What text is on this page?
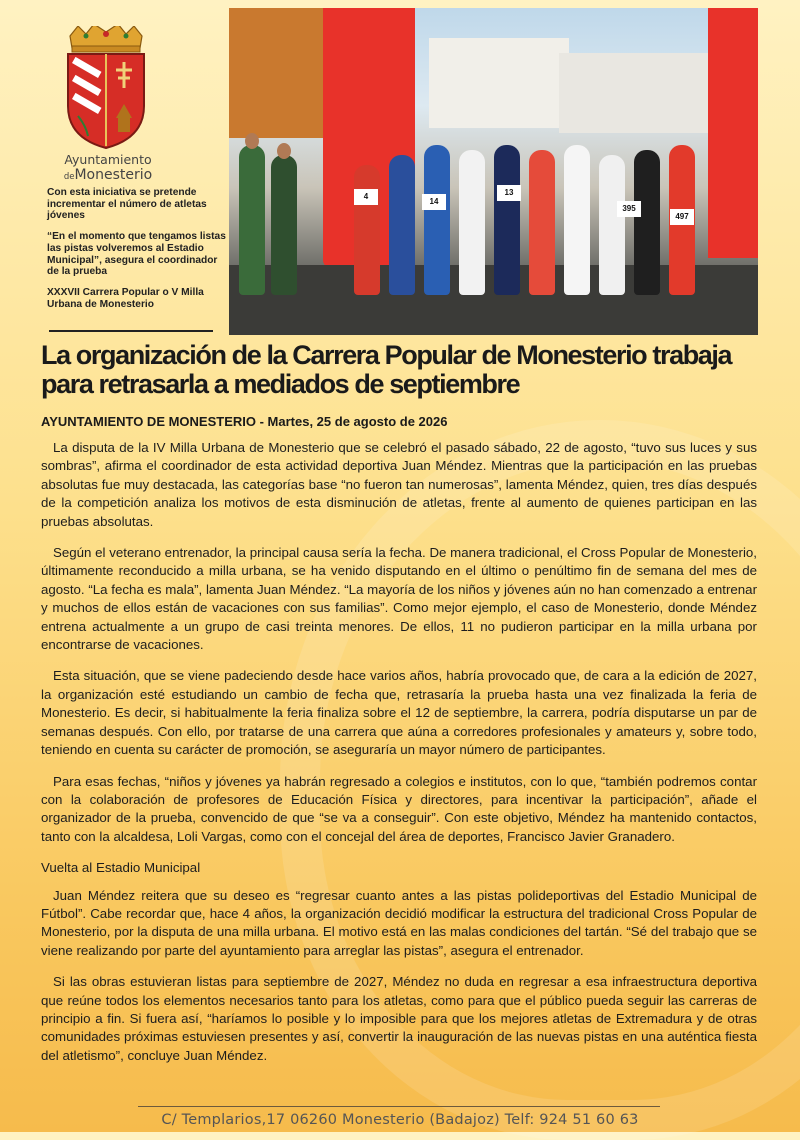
Ayuntamiento
deMonesterio

Con esta iniciativa se pretende incrementar el número de atletas jóvenes

“En el momento que tengamos listas las pistas volveremos al Estadio Municipal”, asegura el coordinador de la prueba

XXXVII Carrera Popular o V Milla Urbana de Monesterio

497
395
13
14
4
La organización de la Carrera Popular de Monesterio trabaja para retrasarla a mediados de septiembre
AYUNTAMIENTO DE MONESTERIO - Martes, 25 de agosto de 2026

La disputa de la IV Milla Urbana de Monesterio que se celebró el pasado sábado, 22 de agosto, “tuvo sus luces y sus sombras”, afirma el coordinador de esta actividad deportiva Juan Méndez. Mientras que la participación en las pruebas absolutas fue muy destacada, las categorías base “no fueron tan numerosas”, lamenta Méndez, quien, tres días después de la competición analiza los motivos de esta disminución de atletas, frente al aumento de quienes participan en las pruebas absolutas.

Según el veterano entrenador, la principal causa sería la fecha. De manera tradicional, el Cross Popular de Monesterio, últimamente reconducido a milla urbana, se ha venido disputando en el último o penúltimo fin de semana del mes de agosto. “La fecha es mala”, lamenta Juan Méndez. “La mayoría de los niños y jóvenes aún no han comenzado a entrenar y muchos de ellos están de vacaciones con sus familias”. Como mejor ejemplo, el caso de Monesterio, donde Méndez entrena actualmente a un grupo de casi treinta menores. De ellos, 11 no pudieron participar en la milla urbana por encontrarse de vacaciones.

Esta situación, que se viene padeciendo desde hace varios años, habría provocado que, de cara a la edición de 2027, la organización esté estudiando un cambio de fecha que, retrasaría la prueba hasta una vez finalizada la feria de Monesterio. Es decir, si habitualmente la feria finaliza sobre el 12 de septiembre, la carrera, podría disputarse un par de semanas después. Con ello, por tratarse de una carrera que aúna a corredores profesionales y amateurs y, sobre todo, teniendo en cuenta su carácter de promoción, se aseguraría un mayor número de participantes.

Para esas fechas, “niños y jóvenes ya habrán regresado a colegios e institutos, con lo que, “también podremos contar con la colaboración de profesores de Educación Física y directores, para incentivar la participación”, añade el organizador de la prueba, convencido de que “se va a conseguir”. Con este objetivo, Méndez ha mantenido contactos, tanto con la alcaldesa, Loli Vargas, como con el concejal del área de deportes, Francisco Javier Granadero.

Vuelta al Estadio Municipal

Juan Méndez reitera que su deseo es “regresar cuanto antes a las pistas polideportivas del Estadio Municipal de Fútbol”. Cabe recordar que, hace 4 años, la organización decidió modificar la estructura del tradicional Cross Popular de Monesterio, por la disputa de una milla urbana. El motivo está en las malas condiciones del tartán. “Sé del trabajo que se viene realizando por parte del ayuntamiento para arreglar las pistas”, asegura el entrenador.

Si las obras estuvieran listas para septiembre de 2027, Méndez no duda en regresar a esa infraestructura deportiva que reúne todos los elementos necesarios tanto para los atletas, como para que el público pueda seguir las carreras de principio a fin. Si fuera así, “haríamos lo posible y lo imposible para que los mejores atletas de Extremadura y de otras comunidades próximas estuviesen presentes y así, convertir la inauguración de las nuevas pistas en una auténtica fiesta del atletismo”, concluye Juan Méndez.

C/ Templarios,17 06260 Monesterio (Badajoz) Telf: 924 51 60 63
